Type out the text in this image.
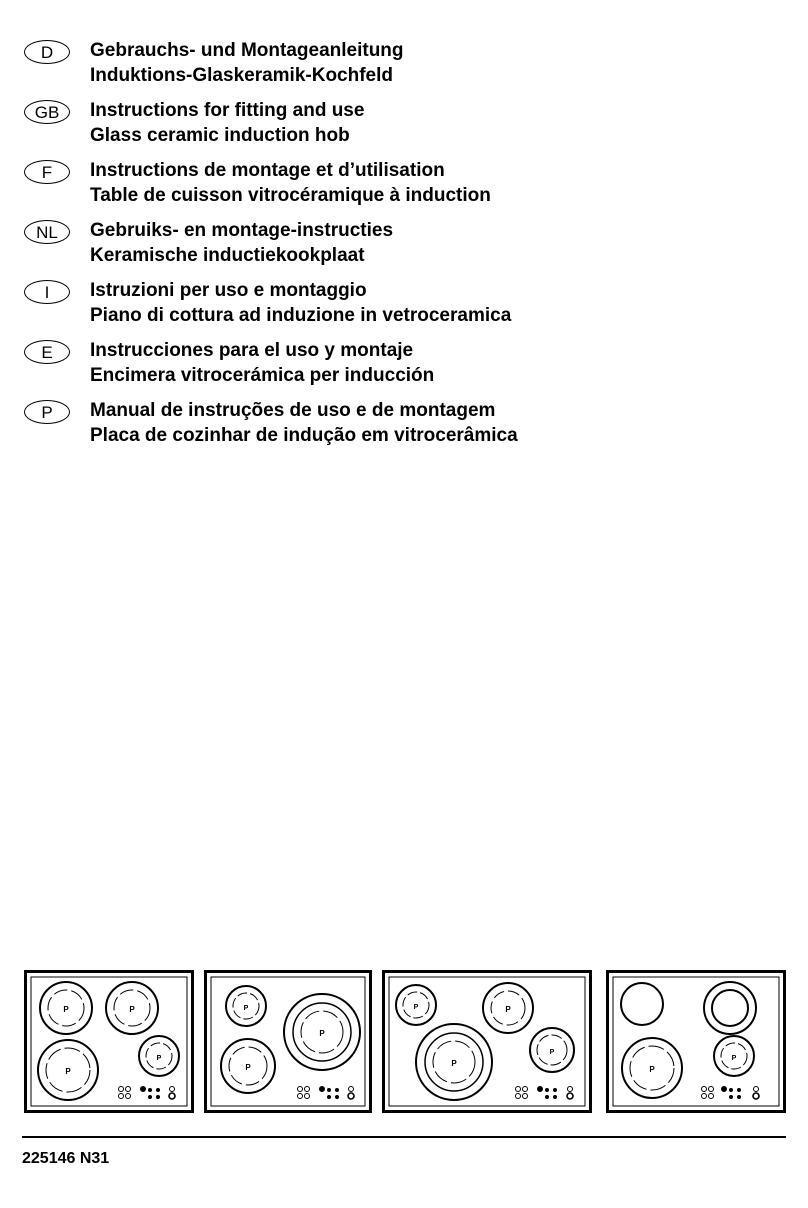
D	Gebrauchs- und Montageanleitung
Induktions-Glaskeramik-Kochfeld
GB	Instructions for fitting and use
Glass ceramic induction hob
F	Instructions de montage et d’utilisation
Table de cuisson vitrocéramique à induction
NL	Gebruiks- en montage-instructies
Keramische inductiekookplaat
I	Istruzioni per uso e montaggio
Piano di cottura ad induzione in vetroceramica
E	Instrucciones para el uso y montaje
Encimera vitrocerámica per inducción
P	Manual de instruções de uso e de montagem
Placa de cozinhar de indução em vitrocerâmica
P	P
P
P
P
P
P
P	P
P
P
P
P
225146 N31
